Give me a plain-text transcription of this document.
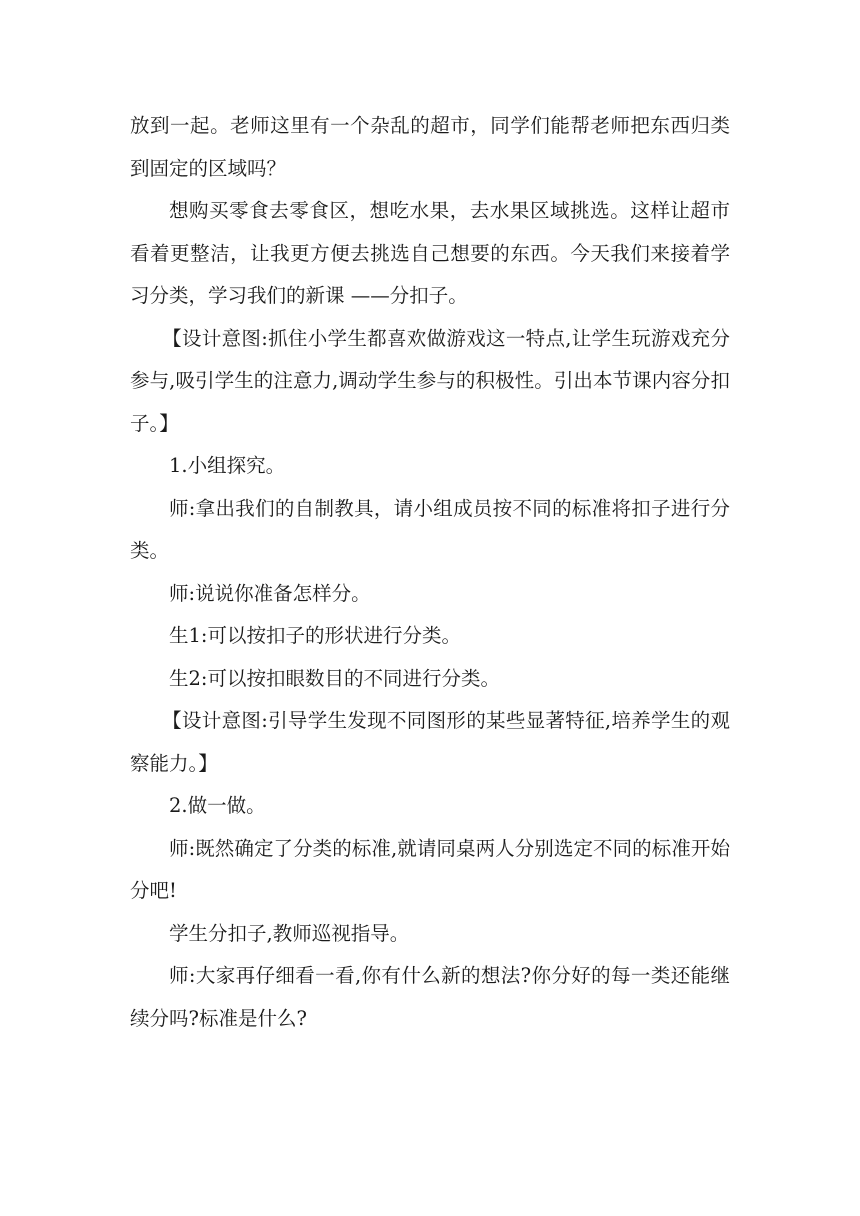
放到一起。老师这里有一个杂乱的超市，同学们能帮老师把东西归类到固定的区域吗？

想购买零食去零食区，想吃水果，去水果区域挑选。这样让超市看着更整洁，让我更方便去挑选自己想要的东西。今天我们来接着学习分类，学习我们的新课 ——分扣子。

【设计意图:抓住小学生都喜欢做游戏这一特点,让学生玩游戏充分参与,吸引学生的注意力,调动学生参与的积极性。引出本节课内容分扣子。】

1.小组探究。

师:拿出我们的自制教具，请小组成员按不同的标准将扣子进行分类。

师:说说你准备怎样分。

生1:可以按扣子的形状进行分类。

生2:可以按扣眼数目的不同进行分类。

【设计意图:引导学生发现不同图形的某些显著特征,培养学生的观察能力。】

2.做一做。

师:既然确定了分类的标准,就请同桌两人分别选定不同的标准开始分吧!

学生分扣子,教师巡视指导。

师:大家再仔细看一看,你有什么新的想法?你分好的每一类还能继续分吗?标准是什么?
